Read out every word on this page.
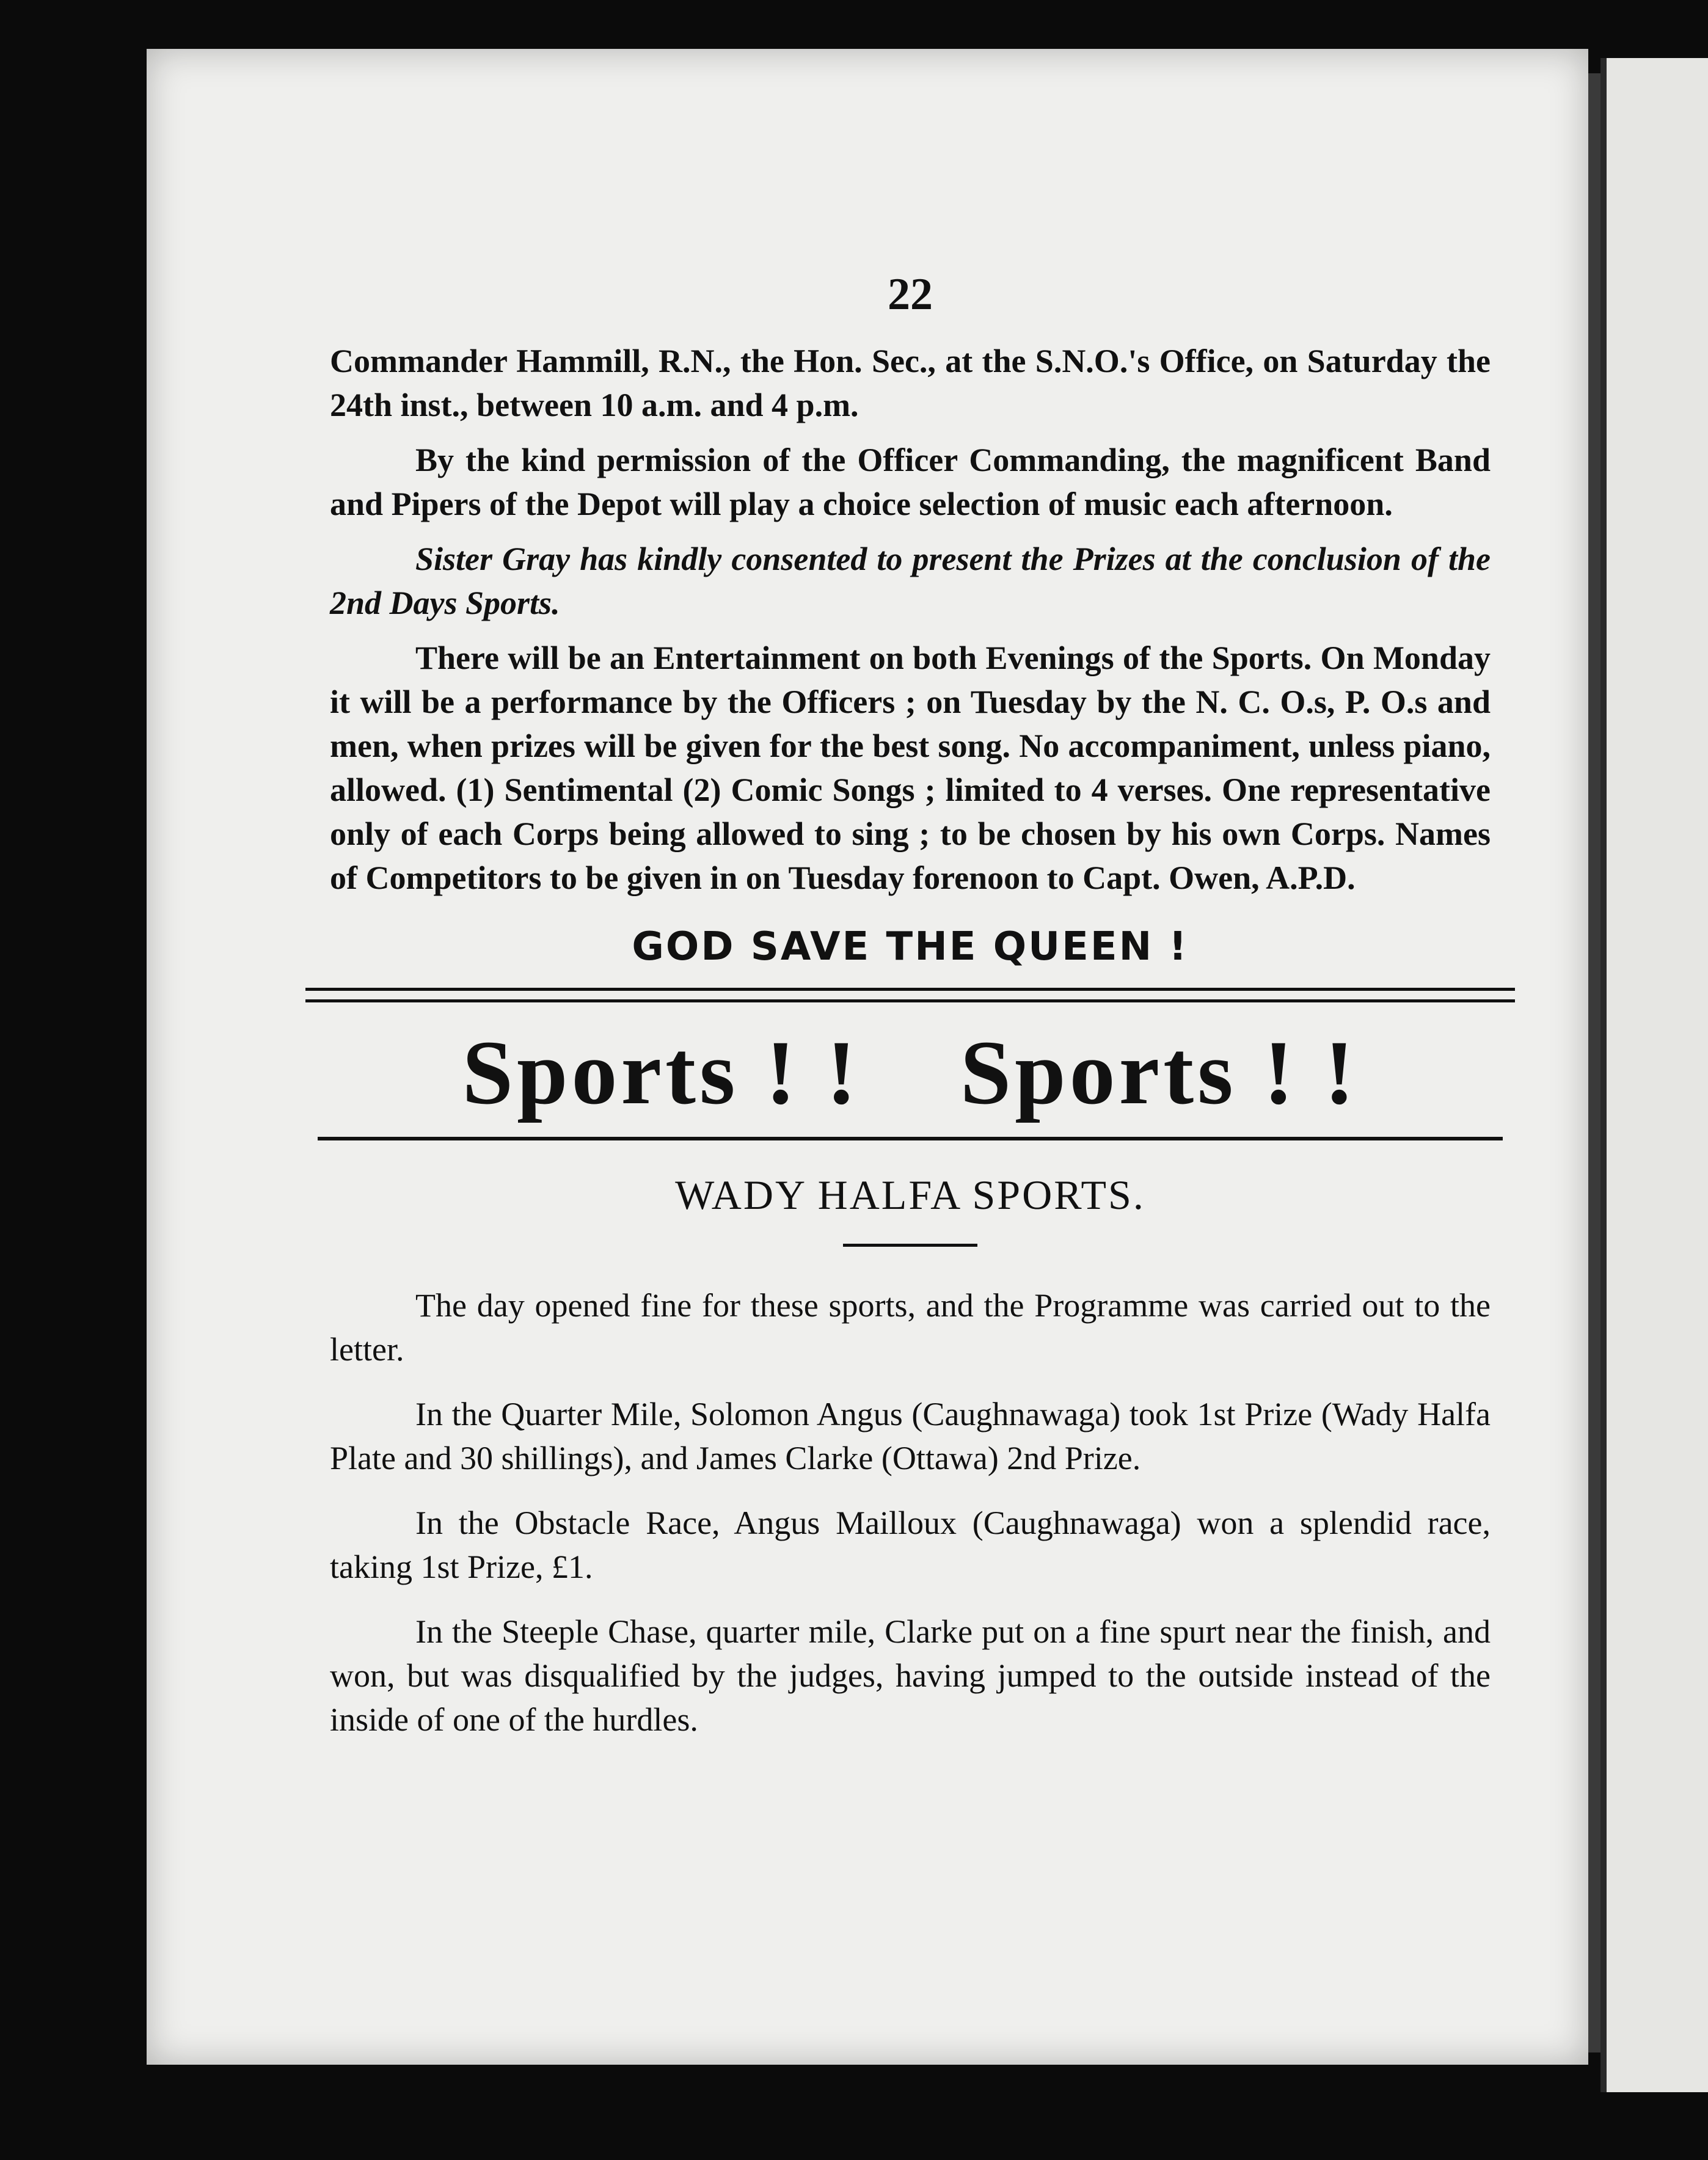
22

Commander Hammill, R.N., the Hon. Sec., at the S.N.O.'s Office, on Saturday the 24th inst., between 10 a.m. and 4 p.m.

By the kind permission of the Officer Commanding, the magnificent Band and Pipers of the Depot will play a choice selection of music each afternoon.

Sister Gray has kindly consented to present the Prizes at the conclusion of the 2nd Days Sports.

There will be an Entertainment on both Evenings of the Sports. On Monday it will be a performance by the Officers ; on Tuesday by the N. C. O.s, P. O.s and men, when prizes will be given for the best song. No accompaniment, unless piano, allowed. (1) Sentimental (2) Comic Songs ; limited to 4 verses. One representative only of each Corps being allowed to sing ; to be chosen by his own Corps. Names of Competitors to be given in on Tuesday forenoon to Capt. Owen, A.P.D.

GOD SAVE THE QUEEN !
Sports ! ! Sports ! !
WADY HALFA SPORTS.

The day opened fine for these sports, and the Programme was carried out to the letter.

In the Quarter Mile, Solomon Angus (Caughnawaga) took 1st Prize (Wady Halfa Plate and 30 shillings), and James Clarke (Ottawa) 2nd Prize.

In the Obstacle Race, Angus Mailloux (Caughnawaga) won a splendid race, taking 1st Prize, £1.

In the Steeple Chase, quarter mile, Clarke put on a fine spurt near the finish, and won, but was disqualified by the judges, having jumped to the outside instead of the inside of one of the hurdles.
